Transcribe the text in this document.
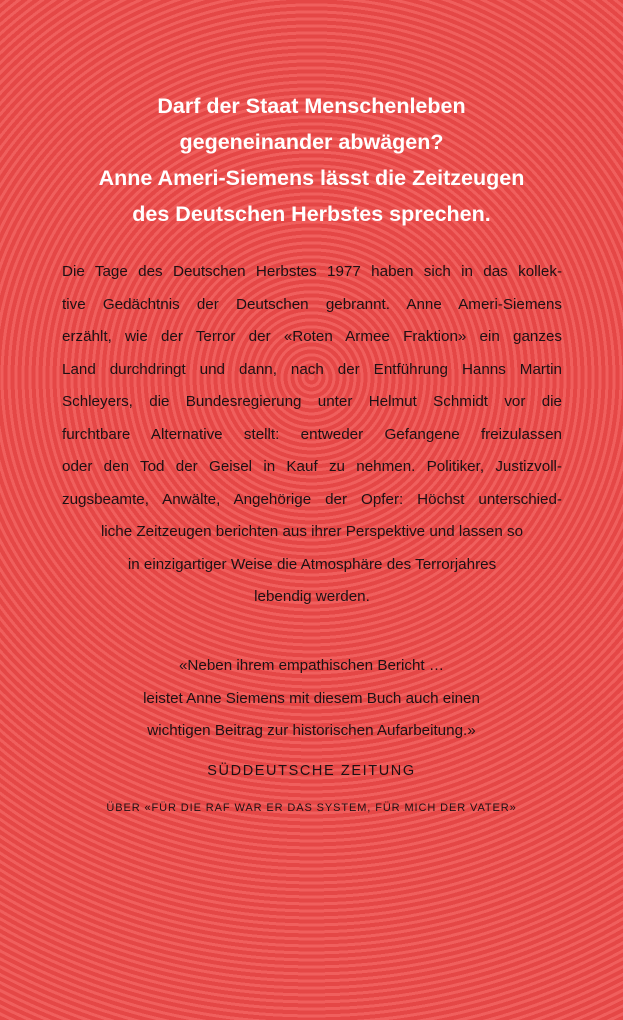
Darf der Staat Menschenleben
gegeneinander abwägen?
Anne Ameri-Siemens lässt die Zeitzeugen
des Deutschen Herbstes sprechen.

Die Tage des Deutschen Herbstes 1977 haben sich in das kollek-
tive Gedächtnis der Deutschen gebrannt. Anne Ameri-Siemens
erzählt, wie der Terror der «Roten Armee Fraktion» ein ganzes
Land durchdringt und dann, nach der Entführung Hanns Martin
Schleyers, die Bundesregierung unter Helmut Schmidt vor die
furchtbare Alternative stellt: entweder Gefangene freizulassen
oder den Tod der Geisel in Kauf zu nehmen. Politiker, Justizvoll-
zugsbeamte, Anwälte, Angehörige der Opfer: Höchst unterschied-
liche Zeitzeugen berichten aus ihrer Perspektive und lassen so
in einzigartiger Weise die Atmosphäre des Terrorjahres
lebendig werden.

«Neben ihrem empathischen Bericht …
leistet Anne Siemens mit diesem Buch auch einen
wichtigen Beitrag zur historischen Aufarbeitung.»

SÜDDEUTSCHE ZEITUNG

ÜBER «FÜR DIE RAF WAR ER DAS SYSTEM, FÜR MICH DER VATER»
